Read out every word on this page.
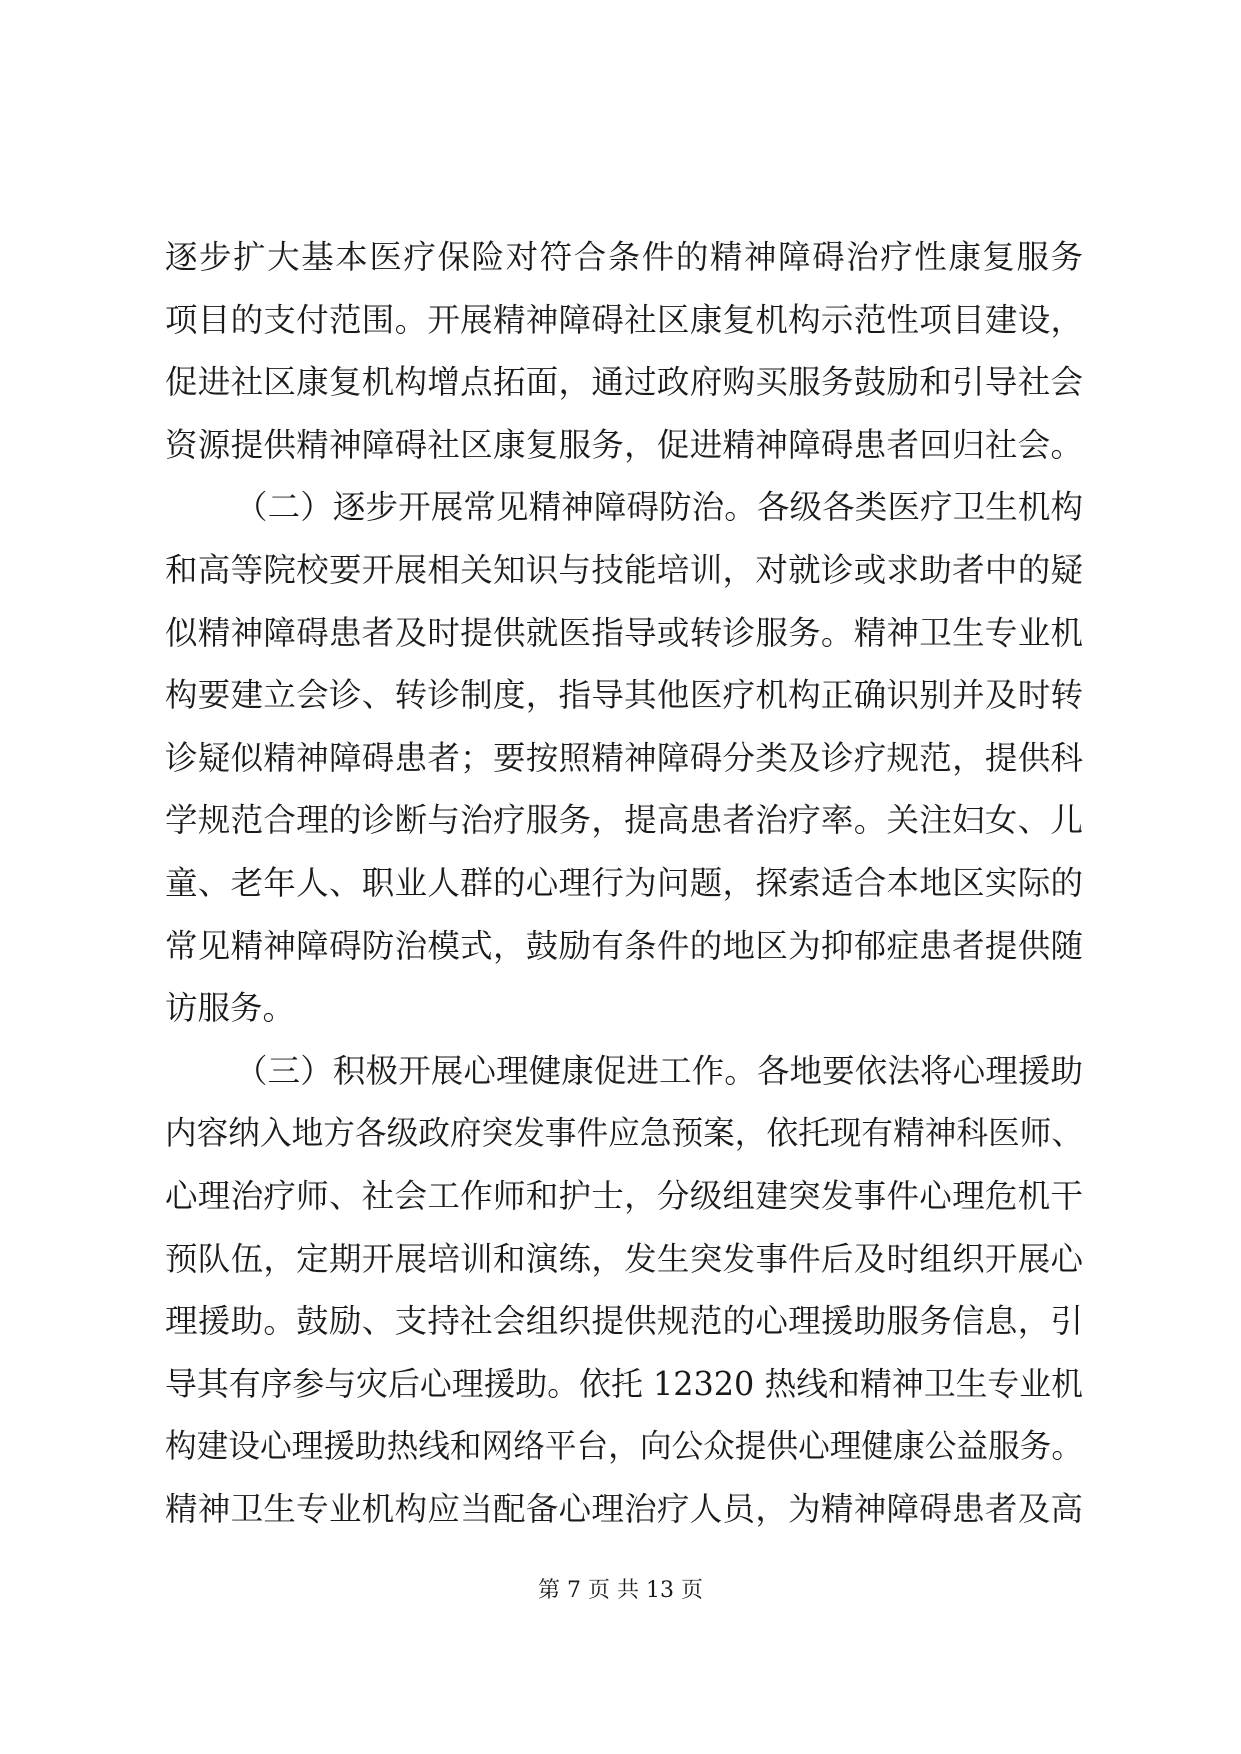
逐步扩大基本医疗保险对符合条件的精神障碍治疗性康复服务
项目的支付范围。开展精神障碍社区康复机构示范性项目建设，
促进社区康复机构增点拓面，通过政府购买服务鼓励和引导社会
资源提供精神障碍社区康复服务，促进精神障碍患者回归社会。
（二）逐步开展常见精神障碍防治。各级各类医疗卫生机构
和高等院校要开展相关知识与技能培训，对就诊或求助者中的疑
似精神障碍患者及时提供就医指导或转诊服务。精神卫生专业机
构要建立会诊、转诊制度，指导其他医疗机构正确识别并及时转
诊疑似精神障碍患者；要按照精神障碍分类及诊疗规范，提供科
学规范合理的诊断与治疗服务，提高患者治疗率。关注妇女、儿
童、老年人、职业人群的心理行为问题，探索适合本地区实际的
常见精神障碍防治模式，鼓励有条件的地区为抑郁症患者提供随
访服务。
（三）积极开展心理健康促进工作。各地要依法将心理援助
内容纳入地方各级政府突发事件应急预案，依托现有精神科医师、
心理治疗师、社会工作师和护士，分级组建突发事件心理危机干
预队伍，定期开展培训和演练，发生突发事件后及时组织开展心
理援助。鼓励、支持社会组织提供规范的心理援助服务信息，引
导其有序参与灾后心理援助。依托 12320 热线和精神卫生专业机
构建设心理援助热线和网络平台，向公众提供心理健康公益服务。
精神卫生专业机构应当配备心理治疗人员，为精神障碍患者及高
第 7 页 共 13 页
